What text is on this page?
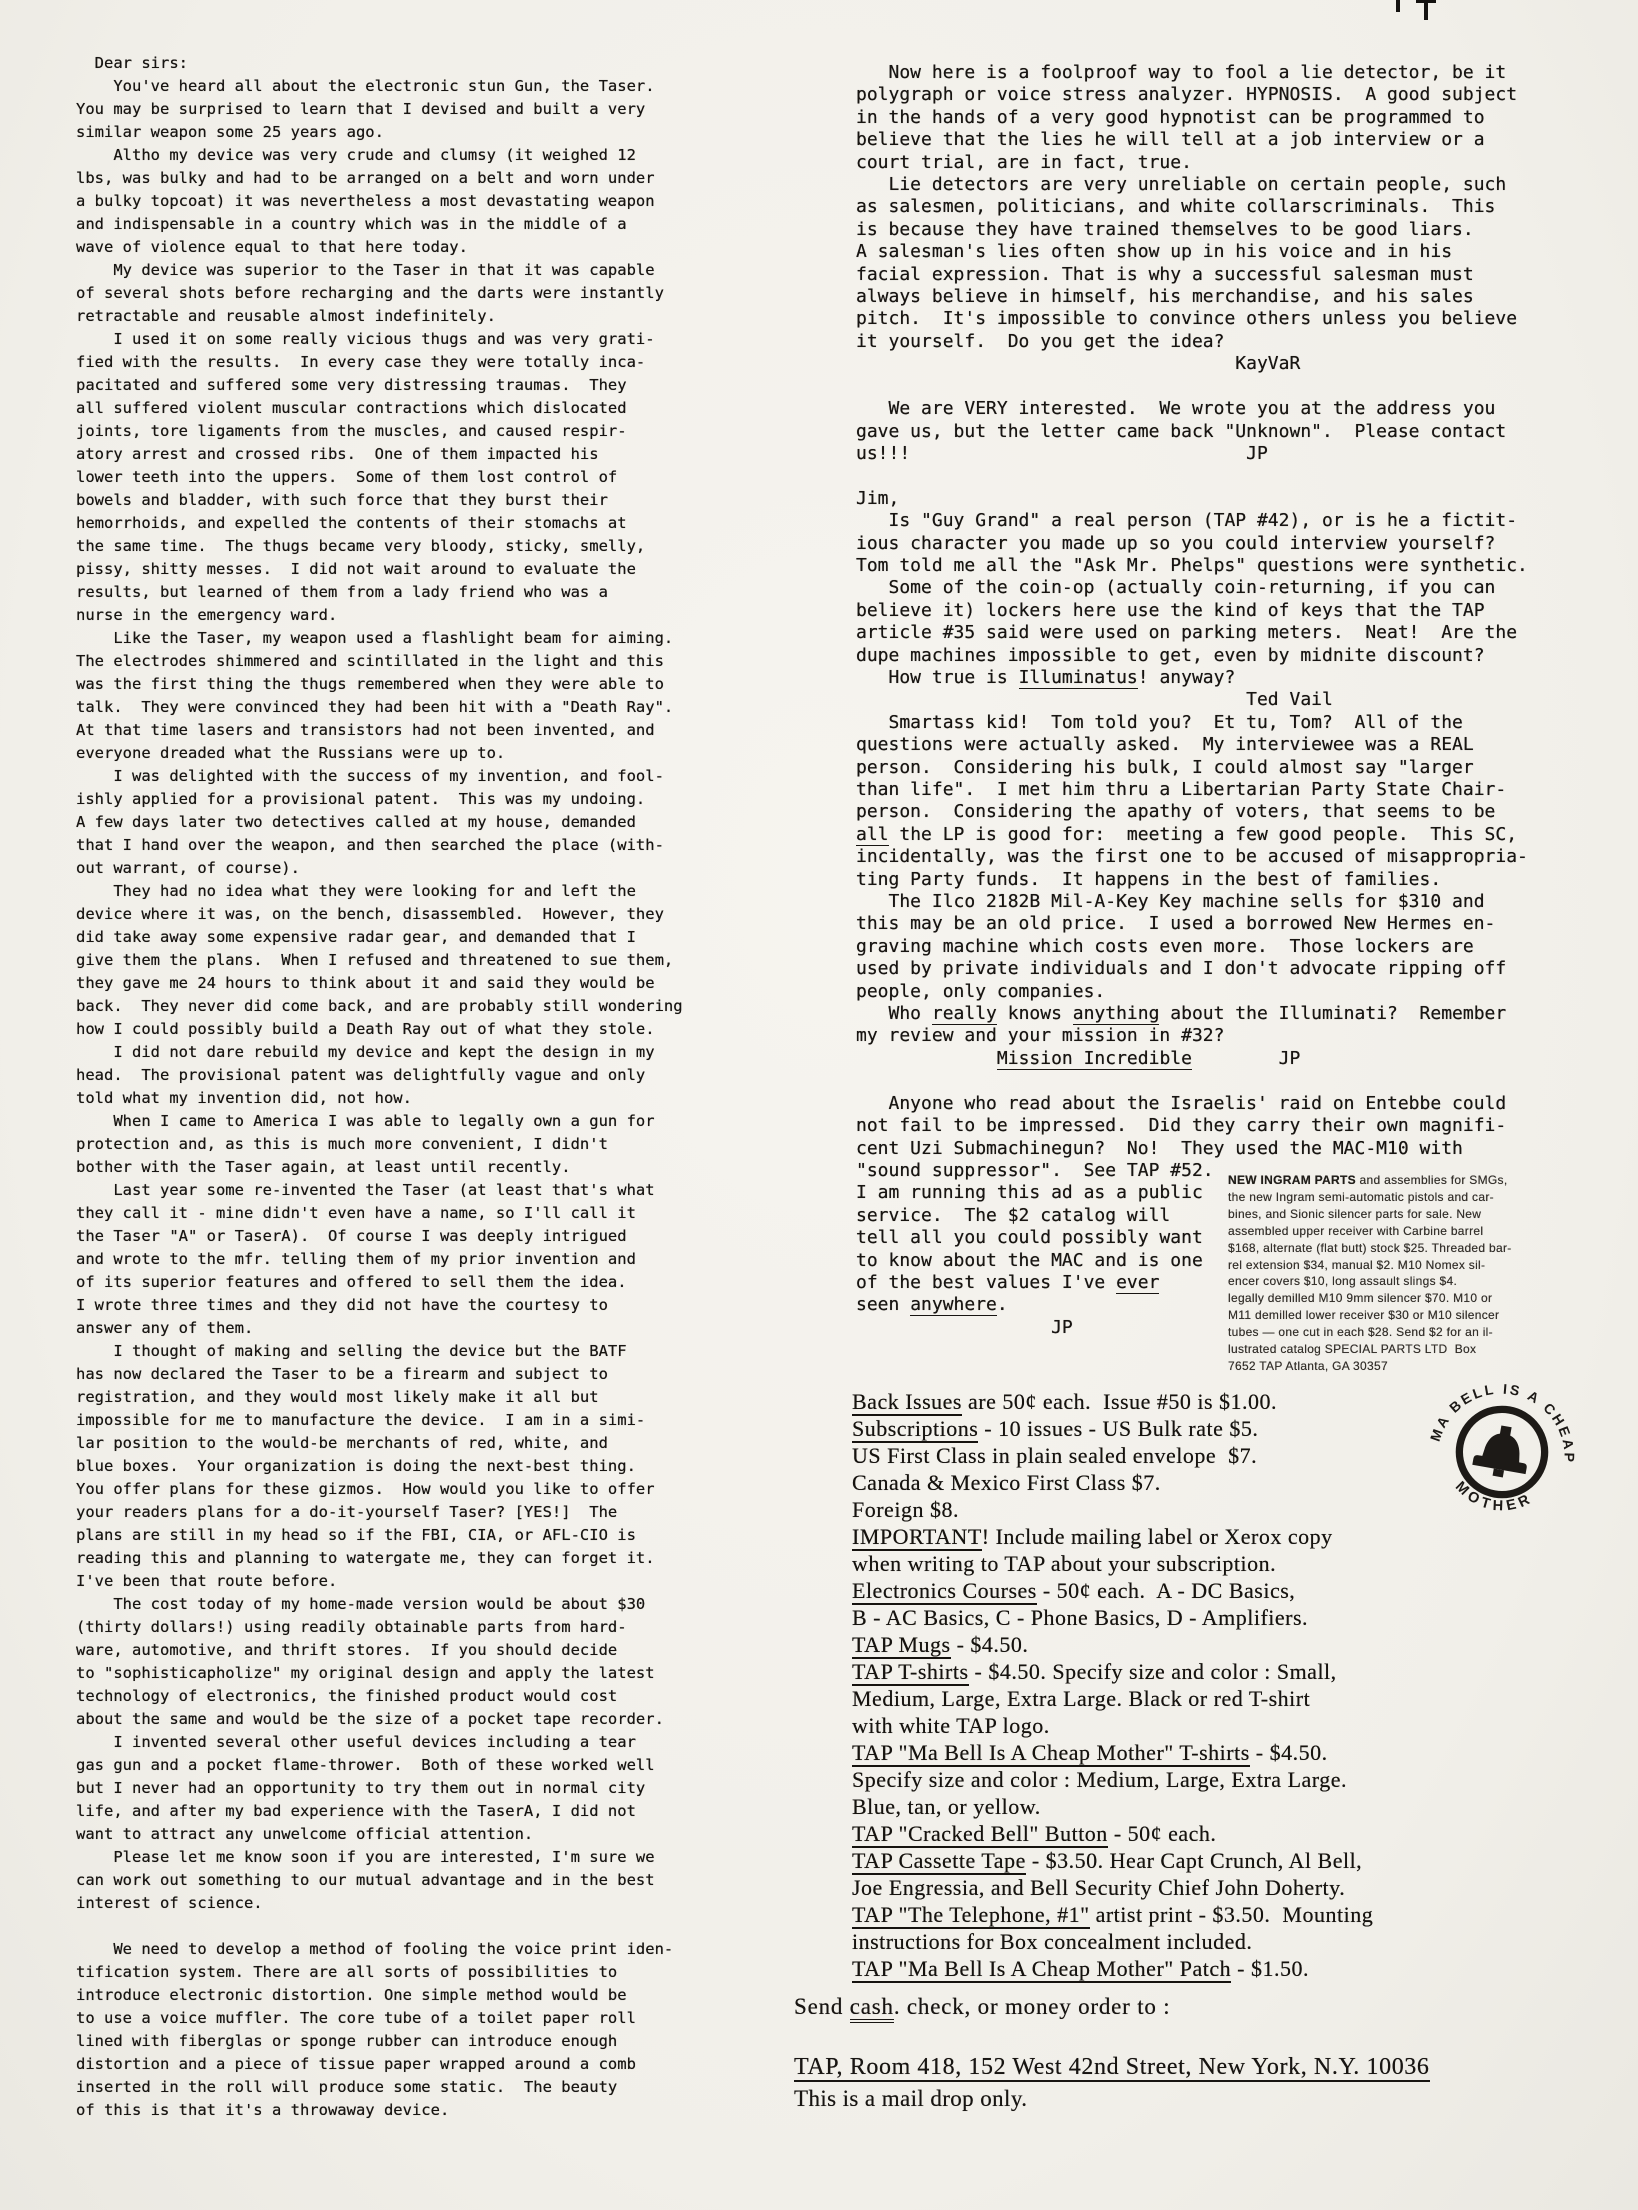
Dear sirs:
You've heard all about the electronic stun Gun, the Taser.
You may be surprised to learn that I devised and built a very
similar weapon some 25 years ago.
Altho my device was very crude and clumsy (it weighed 12
lbs, was bulky and had to be arranged on a belt and worn under
a bulky topcoat) it was nevertheless a most devastating weapon
and indispensable in a country which was in the middle of a
wave of violence equal to that here today.
My device was superior to the Taser in that it was capable
of several shots before recharging and the darts were instantly
retractable and reusable almost indefinitely.
I used it on some really vicious thugs and was very grati-
fied with the results.  In every case they were totally inca-
pacitated and suffered some very distressing traumas.  They
all suffered violent muscular contractions which dislocated
joints, tore ligaments from the muscles, and caused respir-
atory arrest and crossed ribs.  One of them impacted his
lower teeth into the uppers.  Some of them lost control of
bowels and bladder, with such force that they burst their
hemorrhoids, and expelled the contents of their stomachs at
the same time.  The thugs became very bloody, sticky, smelly,
pissy, shitty messes.  I did not wait around to evaluate the
results, but learned of them from a lady friend who was a
nurse in the emergency ward.
Like the Taser, my weapon used a flashlight beam for aiming.
The electrodes shimmered and scintillated in the light and this
was the first thing the thugs remembered when they were able to
talk.  They were convinced they had been hit with a "Death Ray".
At that time lasers and transistors had not been invented, and
everyone dreaded what the Russians were up to.
I was delighted with the success of my invention, and fool-
ishly applied for a provisional patent.  This was my undoing.
A few days later two detectives called at my house, demanded
that I hand over the weapon, and then searched the place (with-
out warrant, of course).
They had no idea what they were looking for and left the
device where it was, on the bench, disassembled.  However, they
did take away some expensive radar gear, and demanded that I
give them the plans.  When I refused and threatened to sue them,
they gave me 24 hours to think about it and said they would be
back.  They never did come back, and are probably still wondering
how I could possibly build a Death Ray out of what they stole.
I did not dare rebuild my device and kept the design in my
head.  The provisional patent was delightfully vague and only
told what my invention did, not how.
When I came to America I was able to legally own a gun for
protection and, as this is much more convenient, I didn't
bother with the Taser again, at least until recently.
Last year some re-invented the Taser (at least that's what
they call it - mine didn't even have a name, so I'll call it
the Taser "A" or TaserA).  Of course I was deeply intrigued
and wrote to the mfr. telling them of my prior invention and
of its superior features and offered to sell them the idea.
I wrote three times and they did not have the courtesy to
answer any of them.
I thought of making and selling the device but the BATF
has now declared the Taser to be a firearm and subject to
registration, and they would most likely make it all but
impossible for me to manufacture the device.  I am in a simi-
lar position to the would-be merchants of red, white, and
blue boxes.  Your organization is doing the next-best thing.
You offer plans for these gizmos.  How would you like to offer
your readers plans for a do-it-yourself Taser? [YES!]  The
plans are still in my head so if the FBI, CIA, or AFL-CIO is
reading this and planning to watergate me, they can forget it.
I've been that route before.
The cost today of my home-made version would be about $30
(thirty dollars!) using readily obtainable parts from hard-
ware, automotive, and thrift stores.  If you should decide
to "sophisticapholize" my original design and apply the latest
technology of electronics, the finished product would cost
about the same and would be the size of a pocket tape recorder.
I invented several other useful devices including a tear
gas gun and a pocket flame-thrower.  Both of these worked well
but I never had an opportunity to try them out in normal city
life, and after my bad experience with the TaserA, I did not
want to attract any unwelcome official attention.
Please let me know soon if you are interested, I'm sure we
can work out something to our mutual advantage and in the best
interest of science.

We need to develop a method of fooling the voice print iden-
tification system. There are all sorts of possibilities to
introduce electronic distortion. One simple method would be
to use a voice muffler. The core tube of a toilet paper roll
lined with fiberglas or sponge rubber can introduce enough
distortion and a piece of tissue paper wrapped around a comb
inserted in the roll will produce some static.  The beauty
of this is that it's a throwaway device.
Now here is a foolproof way to fool a lie detector, be it
polygraph or voice stress analyzer. HYPNOSIS.  A good subject
in the hands of a very good hypnotist can be programmed to
believe that the lies he will tell at a job interview or a
court trial, are in fact, true.
Lie detectors are very unreliable on certain people, such
as salesmen, politicians, and white collarscriminals.  This
is because they have trained themselves to be good liars.
A salesman's lies often show up in his voice and in his
facial expression. That is why a successful salesman must
always believe in himself, his merchandise, and his sales
pitch.  It's impossible to convince others unless you believe
it yourself.  Do you get the idea?
KayVaR

We are VERY interested.  We wrote you at the address you
gave us, but the letter came back "Unknown".  Please contact
us!!!                               JP

Jim,
Is "Guy Grand" a real person (TAP #42), or is he a fictit-
ious character you made up so you could interview yourself?
Tom told me all the "Ask Mr. Phelps" questions were synthetic.
Some of the coin-op (actually coin-returning, if you can
believe it) lockers here use the kind of keys that the TAP
article #35 said were used on parking meters.  Neat!  Are the
dupe machines impossible to get, even by midnite discount?
How true is Illuminatus! anyway?
Ted Vail
Smartass kid!  Tom told you?  Et tu, Tom?  All of the
questions were actually asked.  My interviewee was a REAL
person.  Considering his bulk, I could almost say "larger
than life".  I met him thru a Libertarian Party State Chair-
person.  Considering the apathy of voters, that seems to be
all the LP is good for:  meeting a few good people.  This SC,
incidentally, was the first one to be accused of misappropria-
ting Party funds.  It happens in the best of families.
The Ilco 2182B Mil-A-Key Key machine sells for $310 and
this may be an old price.  I used a borrowed New Hermes en-
graving machine which costs even more.  Those lockers are
used by private individuals and I don't advocate ripping off
people, only companies.
Who really knows anything about the Illuminati?  Remember
my review and your mission in #32?
Mission Incredible        JP

Anyone who read about the Israelis' raid on Entebbe could
not fail to be impressed.  Did they carry their own magnifi-
cent Uzi Submachinegun?  No!  They used the MAC-M10 with
"sound suppressor".  See TAP #52.
I am running this ad as a public
service.  The $2 catalog will
tell all you could possibly want
to know about the MAC and is one
of the best values I've ever
seen anywhere.
JP
NEW INGRAM PARTS and assemblies for SMGs,
the new Ingram semi-automatic pistols and car-
bines, and Sionic silencer parts for sale. New
assembled upper receiver with Carbine barrel
$168, alternate (flat butt) stock $25. Threaded bar-
rel extension $34, manual $2. M10 Nomex sil-
encer covers $10, long assault slings $4.
legally demilled M10 9mm silencer $70. M10 or
M11 demilled lower receiver $30 or M10 silencer
tubes — one cut in each $28. Send $2 for an il-
lustrated catalog SPECIAL PARTS LTD  Box
7652 TAP Atlanta, GA 30357
Back Issues are 50¢ each.  Issue #50 is $1.00.
Subscriptions - 10 issues - US Bulk rate $5.
US First Class in plain sealed envelope  $7.
Canada & Mexico First Class $7.
Foreign $8.
IMPORTANT! Include mailing label or Xerox copy
when writing to TAP about your subscription.
Electronics Courses - 50¢ each.  A - DC Basics,
B - AC Basics, C - Phone Basics, D - Amplifiers.
TAP Mugs - $4.50.
TAP T-shirts - $4.50. Specify size and color : Small,
Medium, Large, Extra Large. Black or red T-shirt
with white TAP logo.
TAP "Ma Bell Is A Cheap Mother" T-shirts - $4.50.
Specify size and color : Medium, Large, Extra Large.
Blue, tan, or yellow.
TAP "Cracked Bell" Button - 50¢ each.
TAP Cassette Tape - $3.50. Hear Capt Crunch, Al Bell,
Joe Engressia, and Bell Security Chief John Doherty.
TAP "The Telephone, #1" artist print - $3.50.  Mounting
instructions for Box concealment included.
TAP "Ma Bell Is A Cheap Mother" Patch - $1.50.
MA BELL IS A CHEAP
MOTHER
Send cash. check, or money order to :
TAP, Room 418, 152 West 42nd Street, New York, N.Y. 10036
This is a mail drop only.
